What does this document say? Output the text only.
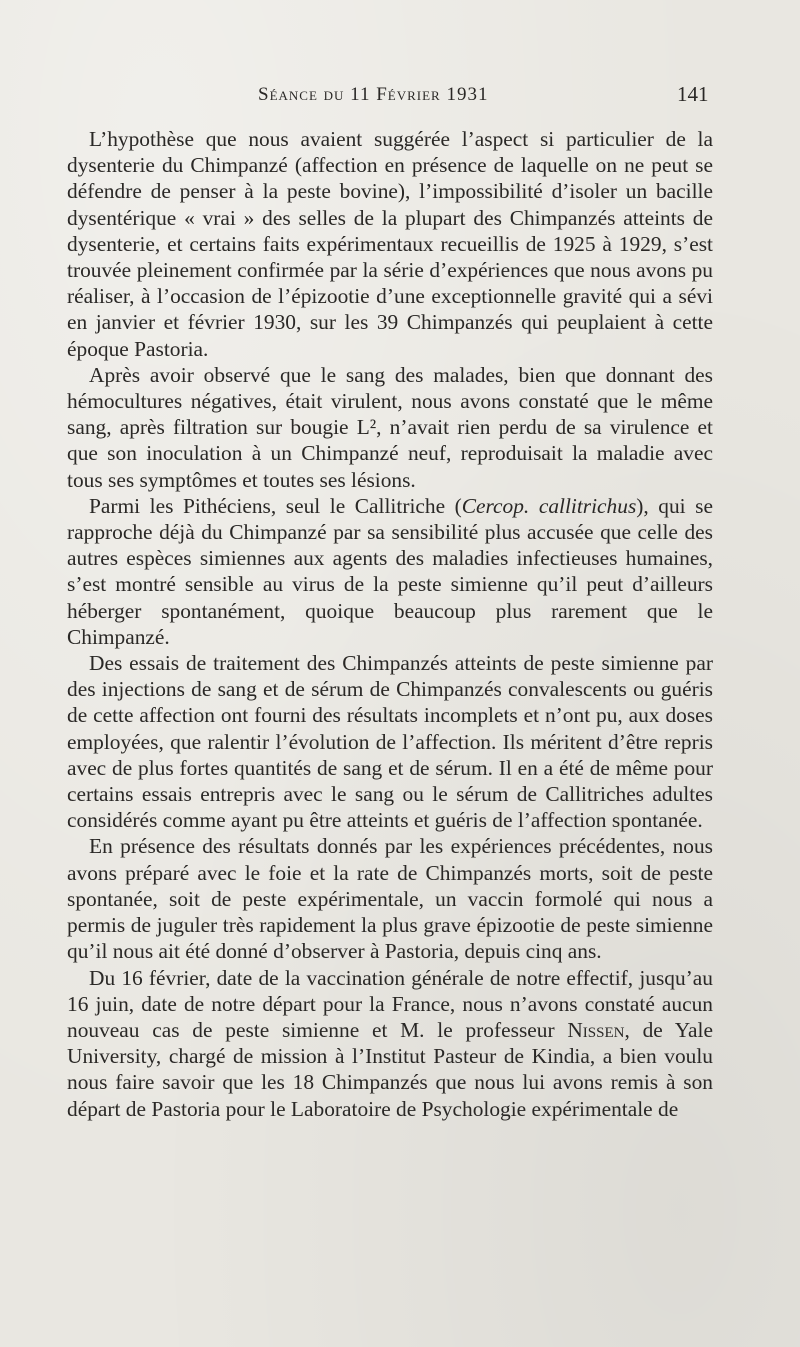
Séance du 11 Février 1931	141

L’hypothèse que nous avaient suggérée l’aspect si particulier de la dysenterie du Chimpanzé (affection en présence de laquelle on ne peut se défendre de penser à la peste bovine), l’impossibilité d’isoler un bacille dysentérique « vrai » des selles de la plupart des Chimpanzés atteints de dysenterie, et certains faits expérimentaux recueillis de 1925 à 1929, s’est trouvée pleinement confirmée par la série d’expériences que nous avons pu réaliser, à l’occasion de l’épizootie d’une exceptionnelle gravité qui a sévi en janvier et février 1930, sur les 39 Chimpanzés qui peuplaient à cette époque Pastoria.

Après avoir observé que le sang des malades, bien que donnant des hémocultures négatives, était virulent, nous avons constaté que le même sang, après filtration sur bougie L², n’avait rien perdu de sa virulence et que son inoculation à un Chimpanzé neuf, reproduisait la maladie avec tous ses symptômes et toutes ses lésions.

Parmi les Pithéciens, seul le Callitriche (Cercop. callitrichus), qui se rapproche déjà du Chimpanzé par sa sensibilité plus accusée que celle des autres espèces simiennes aux agents des maladies infectieuses humaines, s’est montré sensible au virus de la peste simienne qu’il peut d’ailleurs héberger spontanément, quoique beaucoup plus rarement que le Chimpanzé.

Des essais de traitement des Chimpanzés atteints de peste simienne par des injections de sang et de sérum de Chimpanzés convalescents ou guéris de cette affection ont fourni des résultats incomplets et n’ont pu, aux doses employées, que ralentir l’évolution de l’affection. Ils méritent d’être repris avec de plus fortes quantités de sang et de sérum. Il en a été de même pour certains essais entrepris avec le sang ou le sérum de Callitriches adultes considérés comme ayant pu être atteints et guéris de l’affection spontanée.

En présence des résultats donnés par les expériences précédentes, nous avons préparé avec le foie et la rate de Chimpanzés morts, soit de peste spontanée, soit de peste expérimentale, un vaccin formolé qui nous a permis de juguler très rapidement la plus grave épizootie de peste simienne qu’il nous ait été donné d’observer à Pastoria, depuis cinq ans.

Du 16 février, date de la vaccination générale de notre effectif, jusqu’au 16 juin, date de notre départ pour la France, nous n’avons constaté aucun nouveau cas de peste simienne et M. le professeur Nissen, de Yale University, chargé de mission à l’Institut Pasteur de Kindia, a bien voulu nous faire savoir que les 18 Chimpanzés que nous lui avons remis à son départ de Pastoria pour le Laboratoire de Psychologie expérimentale de
